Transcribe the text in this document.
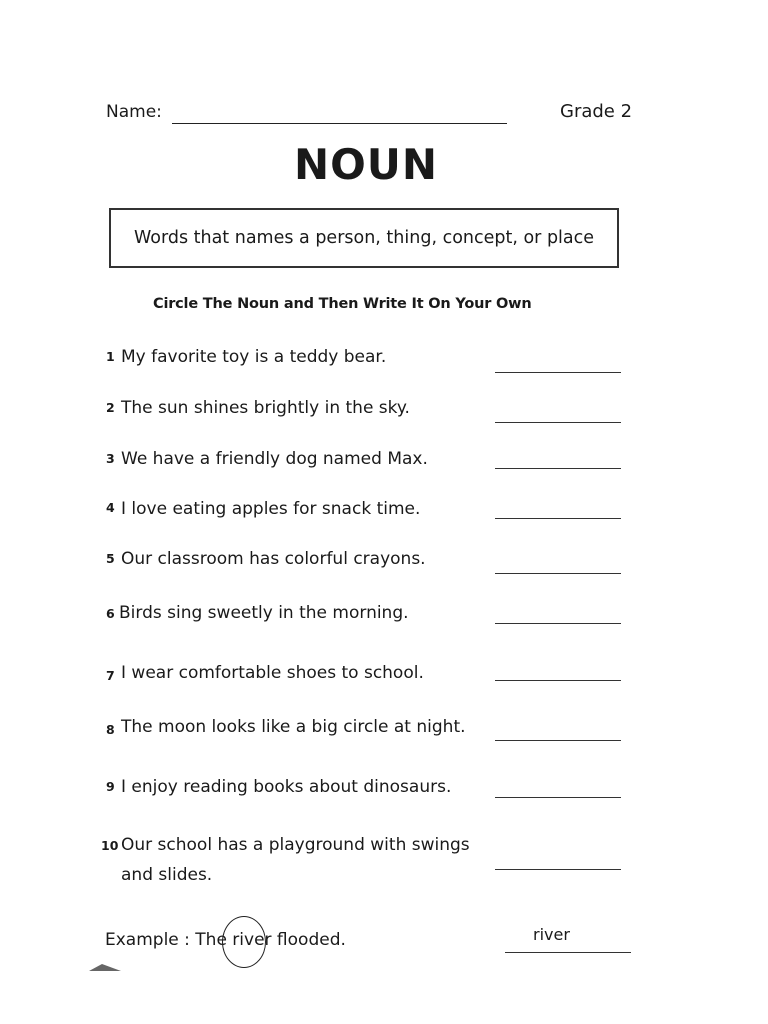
Name:	Grade 2
NOUN
Words that names a person, thing, concept, or place
Circle The Noun and Then Write It On Your Own
1 My favorite toy is a teddy bear.
2 The sun shines brightly in the sky.
3 We have a friendly dog named Max.
4 I love eating apples for snack time.
5 Our classroom has colorful crayons.
6 Birds sing sweetly in the morning.
7 I wear comfortable shoes to school.
8 The moon looks like a big circle at night.
9 I enjoy reading books about dinosaurs.
10 Our school has a playground with swings
and slides.
Example : The river flooded.	river
